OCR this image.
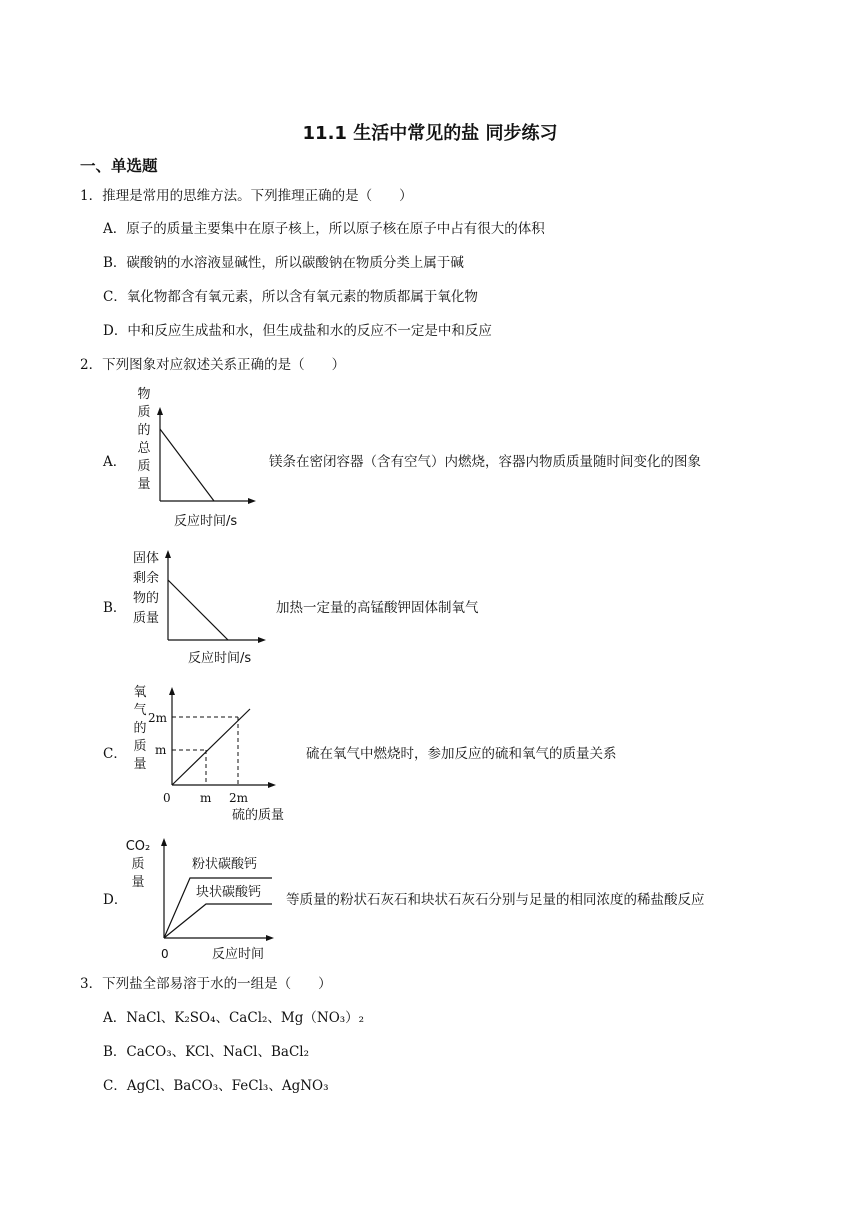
11.1 生活中常见的盐 同步练习
一、单选题
1．推理是常用的思维方法。下列推理正确的是（　　）
A．原子的质量主要集中在原子核上，所以原子核在原子中占有很大的体积
B．碳酸钠的水溶液显碱性，所以碳酸钠在物质分类上属于碱
C．氧化物都含有氧元素，所以含有氧元素的物质都属于氧化物
D．中和反应生成盐和水，但生成盐和水的反应不一定是中和反应
2．下列图象对应叙述关系正确的是（　　）
A．
物
质
的
总
质
量
反应时间/s
镁条在密闭容器（含有空气）内燃烧，容器内物质质量随时间变化的图象
B．
固体
剩余
物的
质量
反应时间/s
加热一定量的高锰酸钾固体制氧气
C．
氧
气
的
质
量
2m
m
0 m 2m
硫的质量
硫在氧气中燃烧时，参加反应的硫和氧气的质量关系
D．
CO₂
质
量
粉状碳酸钙
块状碳酸钙
0	反应时间
等质量的粉状石灰石和块状石灰石分别与足量的相同浓度的稀盐酸反应
3．下列盐全部易溶于水的一组是（　　）
A．NaCl、K₂SO₄、CaCl₂、Mg（NO₃）₂
B．CaCO₃、KCl、NaCl、BaCl₂
C．AgCl、BaCO₃、FeCl₃、AgNO₃
